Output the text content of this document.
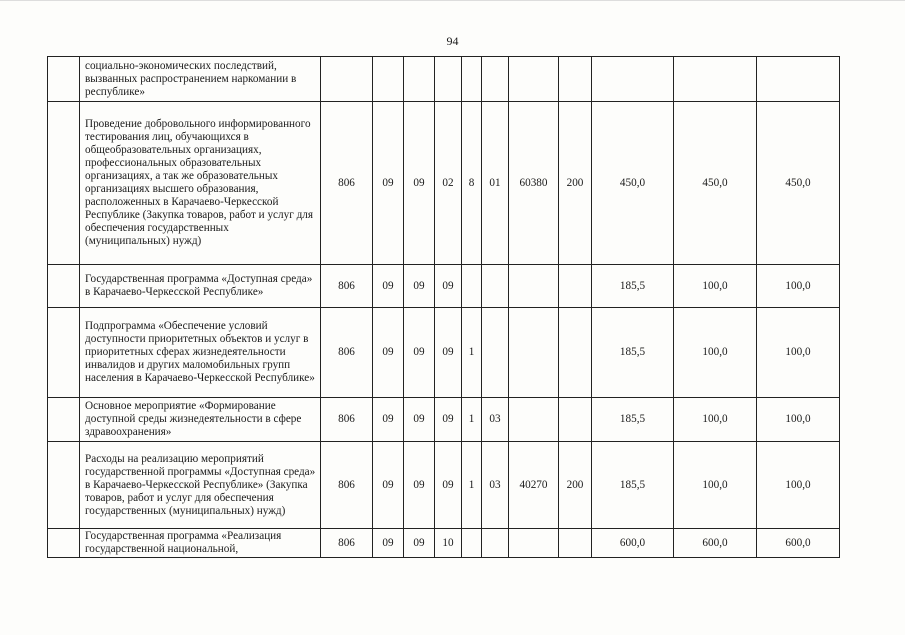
94
	социально-экономических последствий, вызванных распространением наркомании в республике»											
	Проведение добровольного информированного тестирования лиц, обучающихся в общеобразовательных организациях, профессиональных образовательных организациях, а так же образовательных организациях высшего образования, расположенных в Карачаево-Черкесской Республике (Закупка товаров, работ и услуг для обеспечения государственных (муниципальных) нужд)	806	09	09	02	8	01	60380	200	450,0	450,0	450,0
	Государственная программа «Доступная среда» в Карачаево-Черкесской Республике»	806	09	09	09					185,5	100,0	100,0
	Подпрограмма «Обеспечение условий доступности приоритетных объектов и услуг в приоритетных сферах жизнедеятельности инвалидов и других маломобильных групп населения в Карачаево-Черкесской Республике»	806	09	09	09	1				185,5	100,0	100,0
	Основное мероприятие «Формирование доступной среды жизнедеятельности в сфере здравоохранения»	806	09	09	09	1	03			185,5	100,0	100,0
	Расходы на реализацию мероприятий государственной программы «Доступная среда» в Карачаево-Черкесской Республике» (Закупка товаров, работ и услуг для обеспечения государственных (муниципальных) нужд)	806	09	09	09	1	03	40270	200	185,5	100,0	100,0
	Государственная программа «Реализация государственной национальной,	806	09	09	10					600,0	600,0	600,0
